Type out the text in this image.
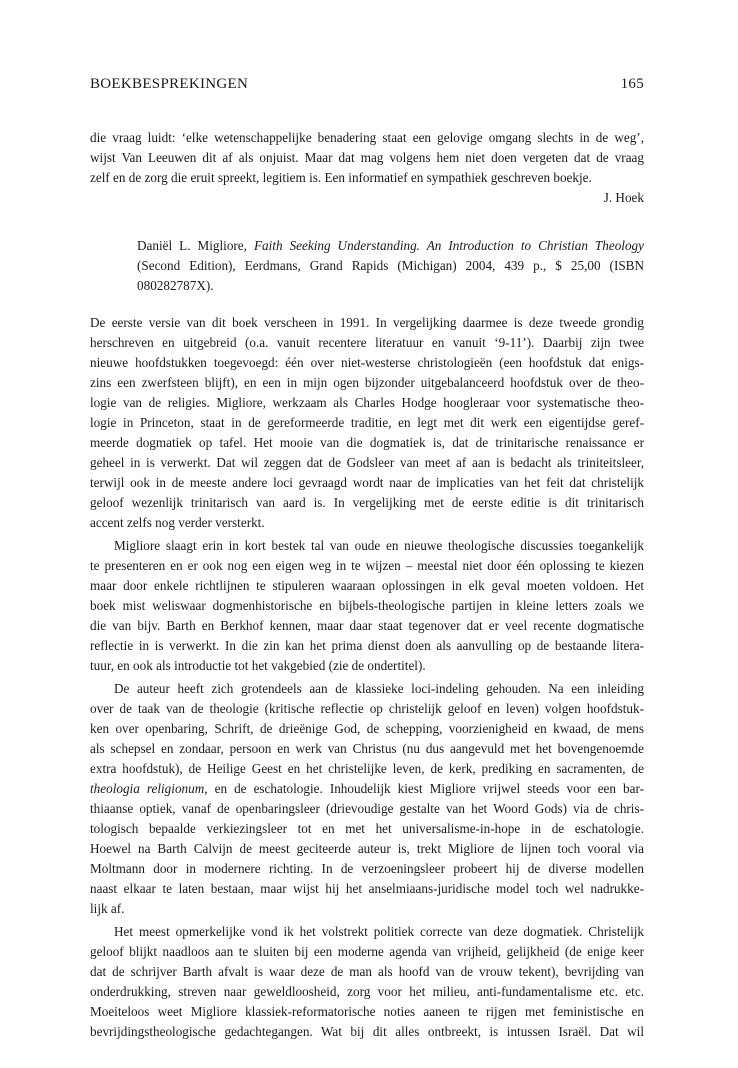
BOEKBESPREKINGEN	165
die vraag luidt: ‘elke wetenschappelijke benadering staat een gelovige omgang slechts in de weg’,
wijst Van Leeuwen dit af als onjuist. Maar dat mag volgens hem niet doen vergeten dat de vraag
zelf en de zorg die eruit spreekt, legitiem is. Een informatief en sympathiek geschreven boekje.
J. Hoek
Daniël L. Migliore, Faith Seeking Understanding. An Introduction to Christian Theology (Second Edition), Eerdmans, Grand Rapids (Michigan) 2004, 439 p., $ 25,00 (ISBN 080282787X).
De eerste versie van dit boek verscheen in 1991. In vergelijking daarmee is deze tweede grondig
herschreven en uitgebreid (o.a. vanuit recentere literatuur en vanuit ‘9-11’). Daarbij zijn twee
nieuwe hoofdstukken toegevoegd: één over niet-westerse christologieën (een hoofdstuk dat enigs-
zins een zwerfsteen blijft), en een in mijn ogen bijzonder uitgebalanceerd hoofdstuk over de theo-
logie van de religies. Migliore, werkzaam als Charles Hodge hoogleraar voor systematische theo-
logie in Princeton, staat in de gereformeerde traditie, en legt met dit werk een eigentijdse geref-
meerde dogmatiek op tafel. Het mooie van die dogmatiek is, dat de trinitarische renaissance er
geheel in is verwerkt. Dat wil zeggen dat de Godsleer van meet af aan is bedacht als triniteitsleer,
terwijl ook in de meeste andere loci gevraagd wordt naar de implicaties van het feit dat christelijk
geloof wezenlijk trinitarisch van aard is. In vergelijking met de eerste editie is dit trinitarisch
accent zelfs nog verder versterkt.
Migliore slaagt erin in kort bestek tal van oude en nieuwe theologische discussies toegankelijk
te presenteren en er ook nog een eigen weg in te wijzen – meestal niet door één oplossing te kiezen
maar door enkele richtlijnen te stipuleren waaraan oplossingen in elk geval moeten voldoen. Het
boek mist weliswaar dogmenhistorische en bijbels-theologische partijen in kleine letters zoals we
die van bijv. Barth en Berkhof kennen, maar daar staat tegenover dat er veel recente dogmatische
reflectie in is verwerkt. In die zin kan het prima dienst doen als aanvulling op de bestaande litera-
tuur, en ook als introductie tot het vakgebied (zie de ondertitel).
De auteur heeft zich grotendeels aan de klassieke loci-indeling gehouden. Na een inleiding
over de taak van de theologie (kritische reflectie op christelijk geloof en leven) volgen hoofdstuk-
ken over openbaring, Schrift, de drieënige God, de schepping, voorzienigheid en kwaad, de mens
als schepsel en zondaar, persoon en werk van Christus (nu dus aangevuld met het bovengenoemde
extra hoofdstuk), de Heilige Geest en het christelijke leven, de kerk, prediking en sacramenten, de
theologia religionum, en de eschatologie. Inhoudelijk kiest Migliore vrijwel steeds voor een bar-
thiaanse optiek, vanaf de openbaringsleer (drievoudige gestalte van het Woord Gods) via de chris-
tologisch bepaalde verkiezingsleer tot en met het universalisme-in-hope in de eschatologie.
Hoewel na Barth Calvijn de meest geciteerde auteur is, trekt Migliore de lijnen toch vooral via
Moltmann door in modernere richting. In de verzoeningsleer probeert hij de diverse modellen
naast elkaar te laten bestaan, maar wijst hij het anselmiaans-juridische model toch wel nadrukke-
lijk af.
Het meest opmerkelijke vond ik het volstrekt politiek correcte van deze dogmatiek. Christelijk
geloof blijkt naadloos aan te sluiten bij een moderne agenda van vrijheid, gelijkheid (de enige keer
dat de schrijver Barth afvalt is waar deze de man als hoofd van de vrouw tekent), bevrijding van
onderdrukking, streven naar geweldloosheid, zorg voor het milieu, anti-fundamentalisme etc. etc.
Moeiteloos weet Migliore klassiek-reformatorische noties aaneen te rijgen met feministische en
bevrijdingstheologische gedachtegangen. Wat bij dit alles ontbreekt, is intussen Israël. Dat wil
